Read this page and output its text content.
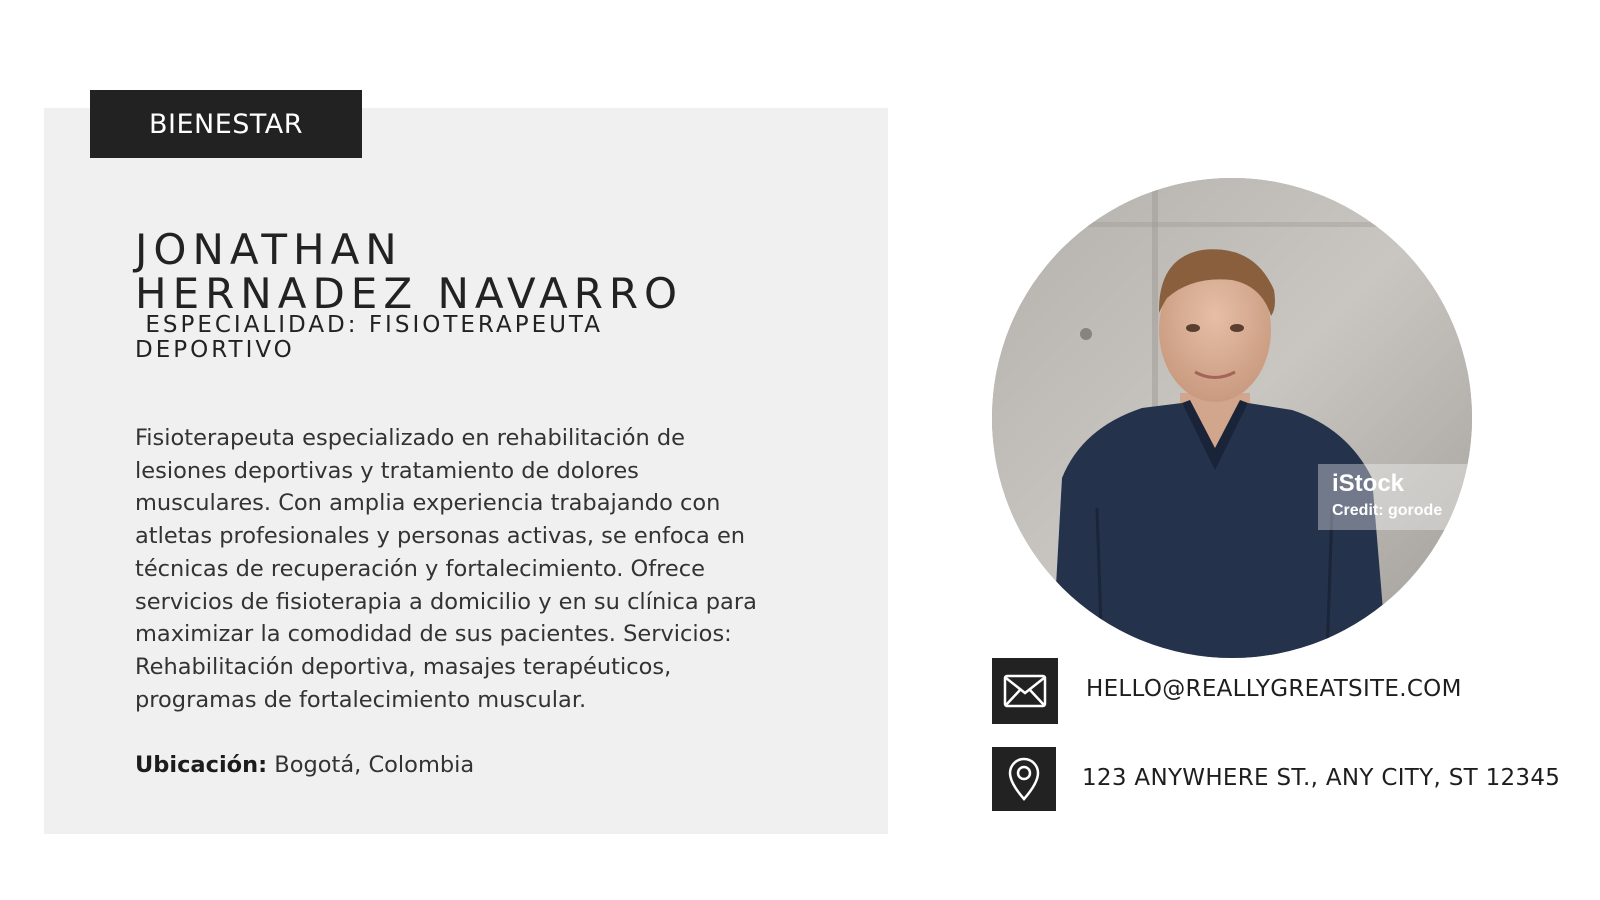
BIENESTAR
JONATHAN
HERNADEZ NAVARRO
ESPECIALIDAD: FISIOTERAPEUTA DEPORTIVO

Fisioterapeuta especializado en rehabilitación de lesiones deportivas y tratamiento de dolores musculares. Con amplia experiencia trabajando con atletas profesionales y personas activas, se enfoca en técnicas de recuperación y fortalecimiento. Ofrece servicios de fisioterapia a domicilio y en su clínica para maximizar la comodidad de sus pacientes. Servicios: Rehabilitación deportiva, masajes terapéuticos, programas de fortalecimiento muscular.

Ubicación: Bogotá, Colombia

iStock
Credit: gorode
HELLO@REALLYGREATSITE.COM
123 ANYWHERE ST., ANY CITY, ST 12345
